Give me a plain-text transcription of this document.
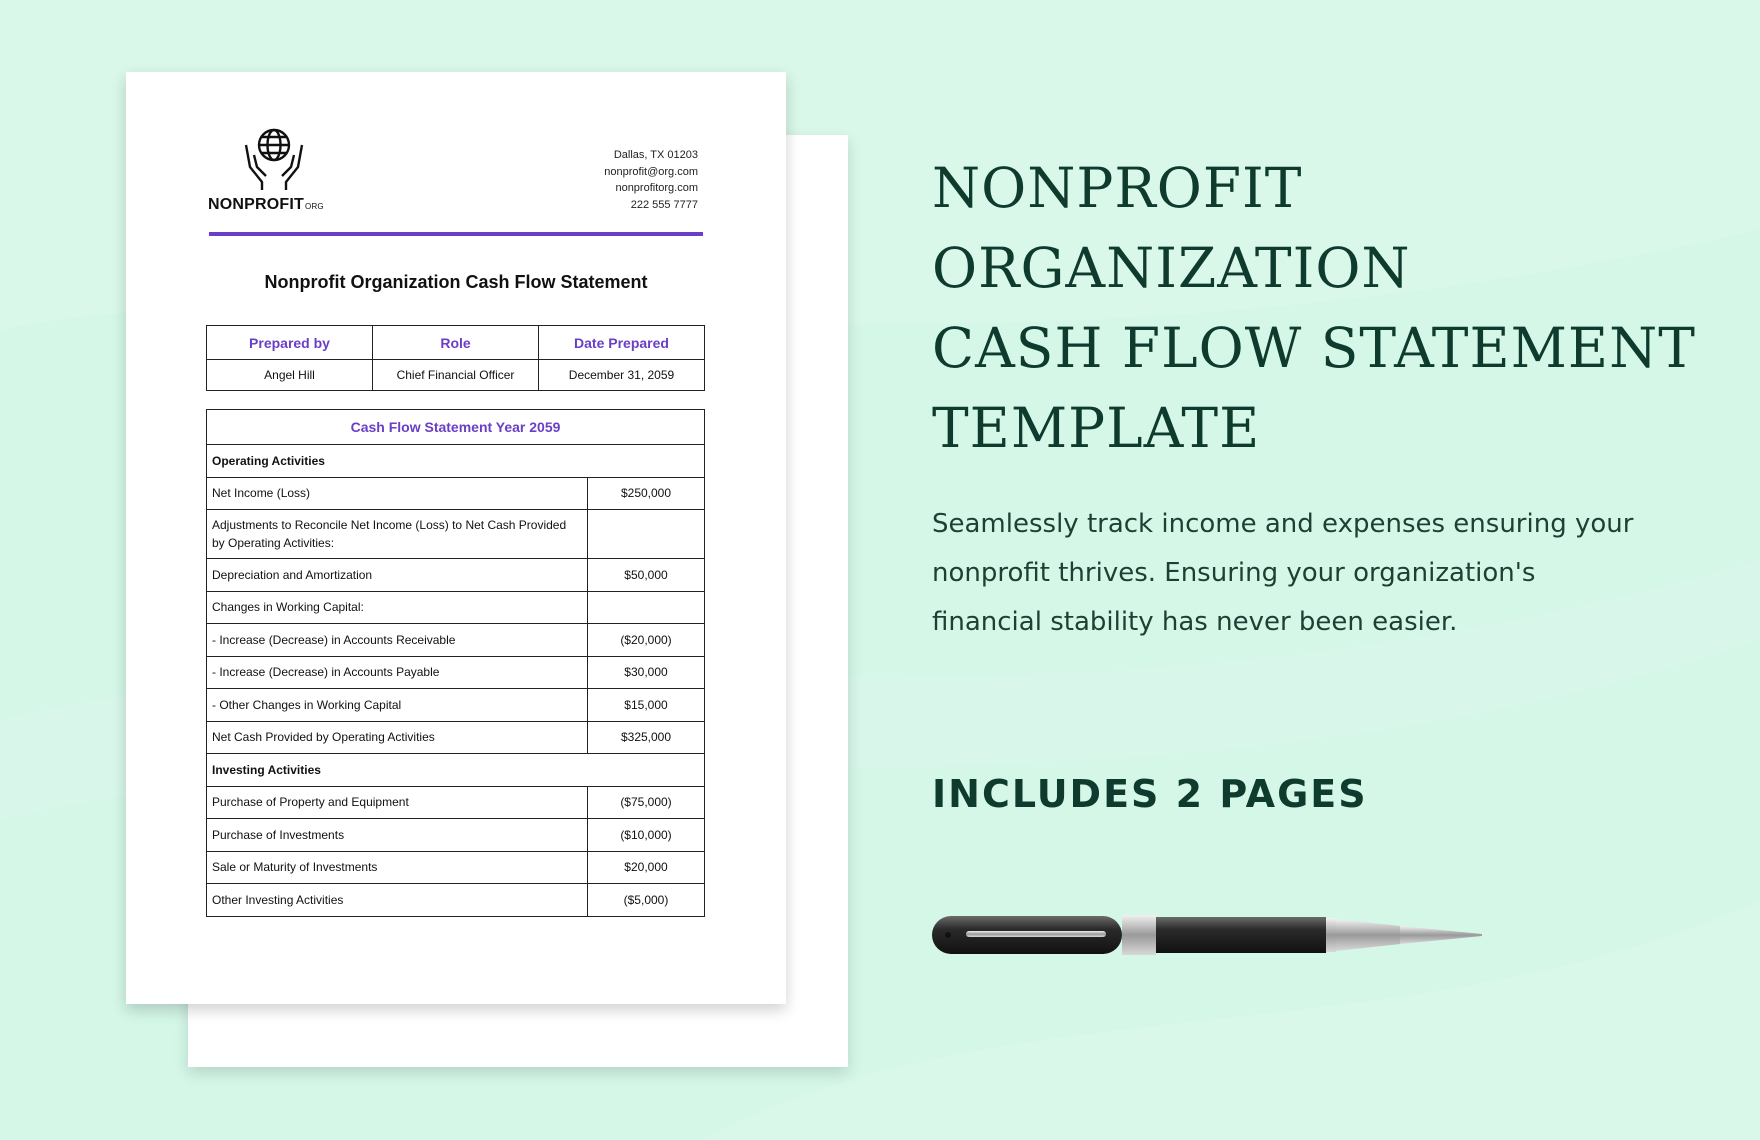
NONPROFITORG
Dallas, TX 01203
nonprofit@org.com
nonprofitorg.com
222 555 7777
Nonprofit Organization Cash Flow Statement
Prepared by	Role	Date Prepared
Angel Hill	Chief Financial Officer	December 31, 2059
Cash Flow Statement Year 2059	
Operating Activities	
Net Income (Loss)	$250,000
Adjustments to Reconcile Net Income (Loss) to Net Cash Provided by Operating Activities:	
Depreciation and Amortization	$50,000
Changes in Working Capital:	
- Increase (Decrease) in Accounts Receivable	($20,000)
- Increase (Decrease) in Accounts Payable	$30,000
- Other Changes in Working Capital	$15,000
Net Cash Provided by Operating Activities	$325,000
Investing Activities	
Purchase of Property and Equipment	($75,000)
Purchase of Investments	($10,000)
Sale or Maturity of Investments	$20,000
Other Investing Activities	($5,000)
NONPROFIT
ORGANIZATION
CASH FLOW STATEMENT
TEMPLATE
Seamlessly track income and expenses ensuring your nonprofit thrives. Ensuring your organization's financial stability has never been easier.
INCLUDES 2 PAGES
